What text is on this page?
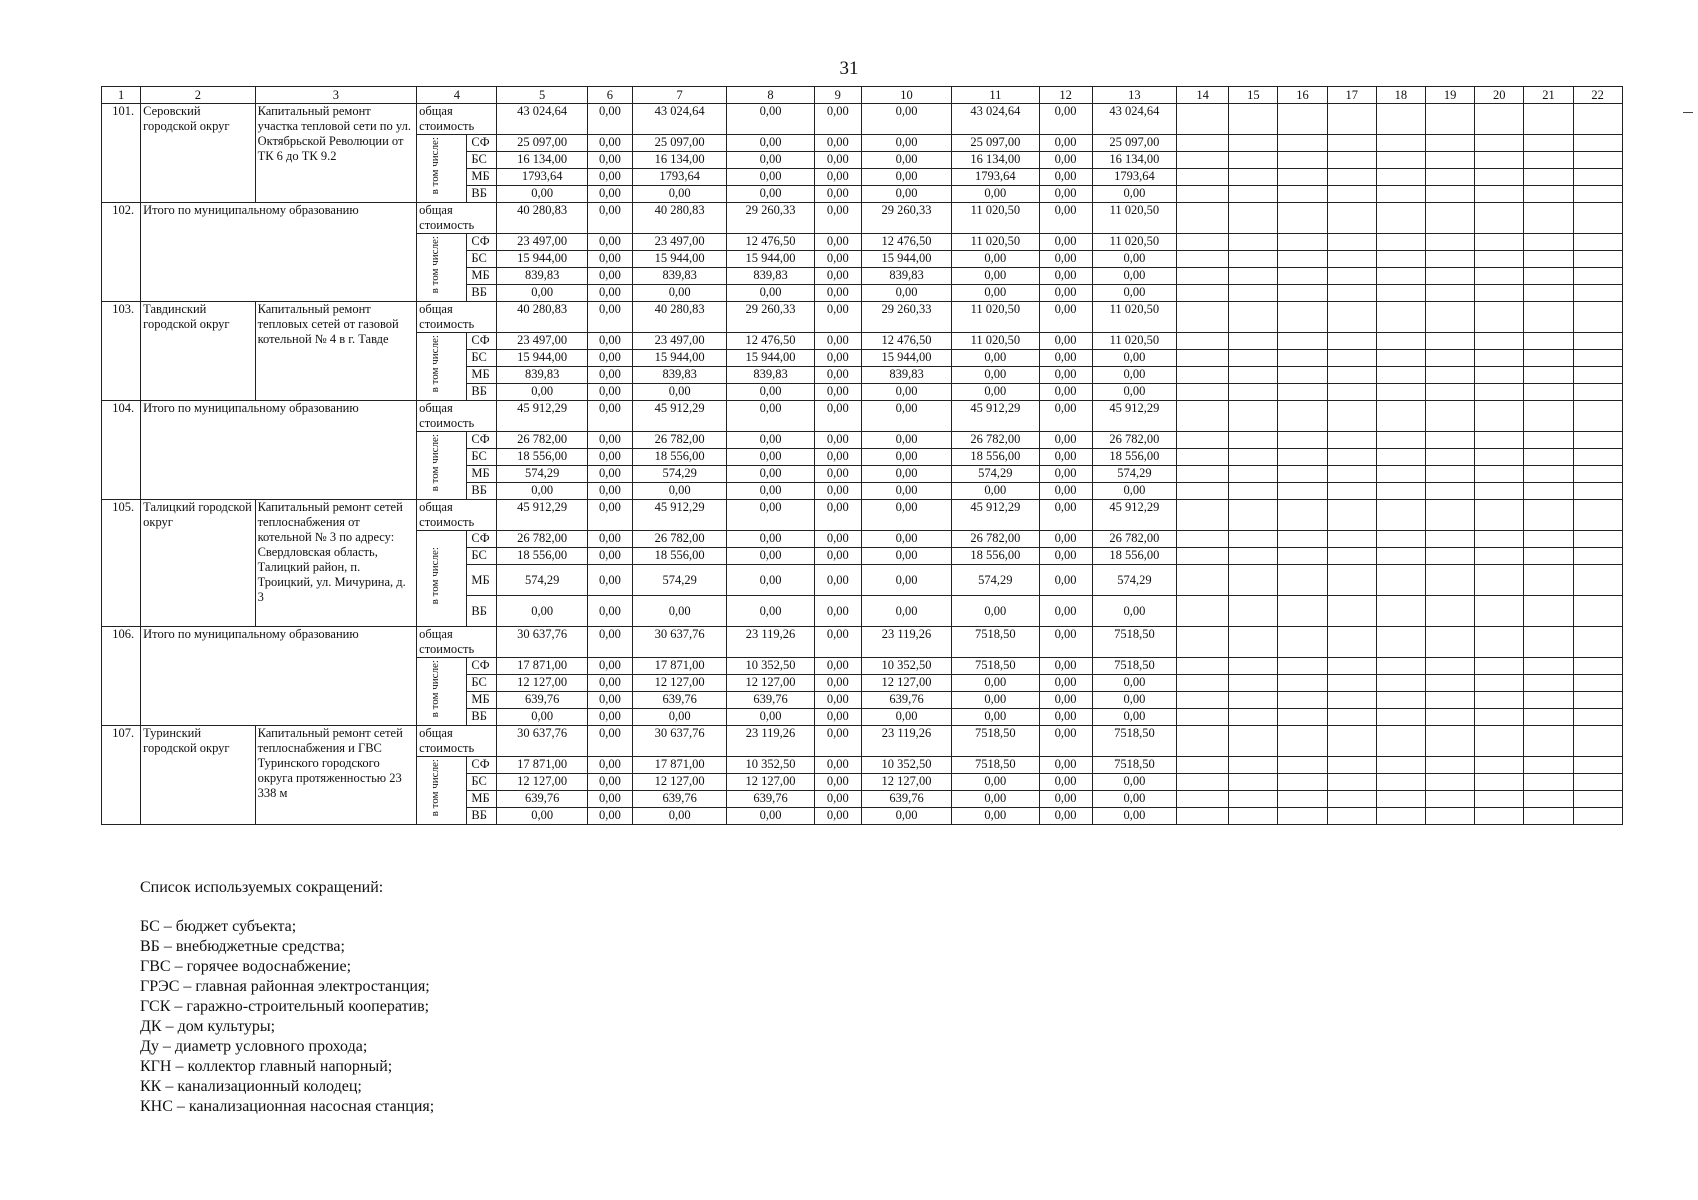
31
1	2	3	4			5	6	7	8	9	10	11	12	13	14	15	16	17	18	19	20	21	22
101.	Серовский городской округ	Капитальный ремонт участка тепловой сети по ул. Октябрьской Революции от ТК 6 до ТК 9.2	общая стоимость			43 024,64	0,00	43 024,64	0,00	0,00	0,00	43 024,64	0,00	43 024,64									
			в том числе:		СФ	25 097,00	0,00	25 097,00	0,00	0,00	0,00	25 097,00	0,00	25 097,00									
					БС	16 134,00	0,00	16 134,00	0,00	0,00	0,00	16 134,00	0,00	16 134,00									
					МБ	1793,64	0,00	1793,64	0,00	0,00	0,00	1793,64	0,00	1793,64									
					ВБ	0,00	0,00	0,00	0,00	0,00	0,00	0,00	0,00	0,00									
102.	Итого по муниципальному образованию		общая стоимость			40 280,83	0,00	40 280,83	29 260,33	0,00	29 260,33	11 020,50	0,00	11 020,50									
			в том числе:		СФ	23 497,00	0,00	23 497,00	12 476,50	0,00	12 476,50	11 020,50	0,00	11 020,50									
					БС	15 944,00	0,00	15 944,00	15 944,00	0,00	15 944,00	0,00	0,00	0,00									
					МБ	839,83	0,00	839,83	839,83	0,00	839,83	0,00	0,00	0,00									
					ВБ	0,00	0,00	0,00	0,00	0,00	0,00	0,00	0,00	0,00									
103.	Тавдинский городской округ	Капитальный ремонт тепловых сетей от газовой котельной № 4 в г. Тавде	общая стоимость			40 280,83	0,00	40 280,83	29 260,33	0,00	29 260,33	11 020,50	0,00	11 020,50									
			в том числе:		СФ	23 497,00	0,00	23 497,00	12 476,50	0,00	12 476,50	11 020,50	0,00	11 020,50									
					БС	15 944,00	0,00	15 944,00	15 944,00	0,00	15 944,00	0,00	0,00	0,00									
					МБ	839,83	0,00	839,83	839,83	0,00	839,83	0,00	0,00	0,00									
					ВБ	0,00	0,00	0,00	0,00	0,00	0,00	0,00	0,00	0,00									
104.	Итого по муниципальному образованию		общая стоимость			45 912,29	0,00	45 912,29	0,00	0,00	0,00	45 912,29	0,00	45 912,29									
			в том числе:		СФ	26 782,00	0,00	26 782,00	0,00	0,00	0,00	26 782,00	0,00	26 782,00									
					БС	18 556,00	0,00	18 556,00	0,00	0,00	0,00	18 556,00	0,00	18 556,00									
					МБ	574,29	0,00	574,29	0,00	0,00	0,00	574,29	0,00	574,29									
					ВБ	0,00	0,00	0,00	0,00	0,00	0,00	0,00	0,00	0,00									
105.	Талицкий городской округ	Капитальный ремонт сетей теплоснабжения от котельной № 3 по адресу: Свердловская область, Талицкий район, п. Троицкий, ул. Мичурина, д. 3	общая стоимость			45 912,29	0,00	45 912,29	0,00	0,00	0,00	45 912,29	0,00	45 912,29									
			в том числе:		СФ	26 782,00	0,00	26 782,00	0,00	0,00	0,00	26 782,00	0,00	26 782,00									
					БС	18 556,00	0,00	18 556,00	0,00	0,00	0,00	18 556,00	0,00	18 556,00									
					МБ	574,29	0,00	574,29	0,00	0,00	0,00	574,29	0,00	574,29									
					ВБ	0,00	0,00	0,00	0,00	0,00	0,00	0,00	0,00	0,00									
106.	Итого по муниципальному образованию		общая стоимость			30 637,76	0,00	30 637,76	23 119,26	0,00	23 119,26	7518,50	0,00	7518,50									
			в том числе:		СФ	17 871,00	0,00	17 871,00	10 352,50	0,00	10 352,50	7518,50	0,00	7518,50									
					БС	12 127,00	0,00	12 127,00	12 127,00	0,00	12 127,00	0,00	0,00	0,00									
					МБ	639,76	0,00	639,76	639,76	0,00	639,76	0,00	0,00	0,00									
					ВБ	0,00	0,00	0,00	0,00	0,00	0,00	0,00	0,00	0,00									
107.	Туринский городской округ	Капитальный ремонт сетей теплоснабжения и ГВС Туринского городского округа протяженностью 23 338 м	общая стоимость			30 637,76	0,00	30 637,76	23 119,26	0,00	23 119,26	7518,50	0,00	7518,50									
			в том числе:		СФ	17 871,00	0,00	17 871,00	10 352,50	0,00	10 352,50	7518,50	0,00	7518,50									
					БС	12 127,00	0,00	12 127,00	12 127,00	0,00	12 127,00	0,00	0,00	0,00									
					МБ	639,76	0,00	639,76	639,76	0,00	639,76	0,00	0,00	0,00									
					ВБ	0,00	0,00	0,00	0,00	0,00	0,00	0,00	0,00	0,00									
Список используемых сокращений:
БС – бюджет субъекта;
ВБ – внебюджетные средства;
ГВС – горячее водоснабжение;
ГРЭС – главная районная электростанция;
ГСК – гаражно-строительный кооператив;
ДК – дом культуры;
Ду – диаметр условного прохода;
КГН – коллектор главный напорный;
КК – канализационный колодец;
КНС – канализационная насосная станция;
